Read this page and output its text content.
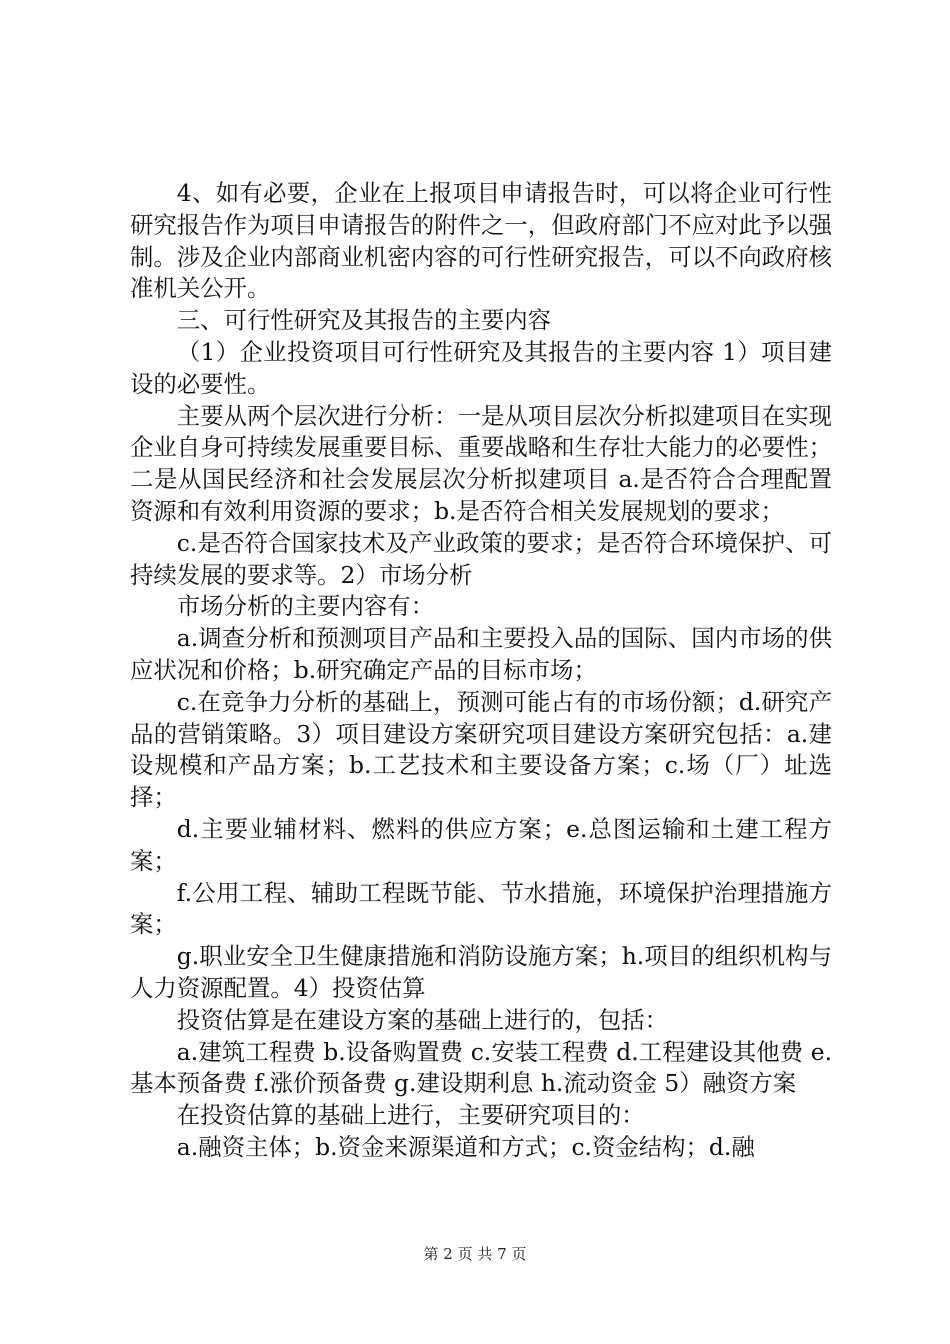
4、如有必要，企业在上报项目申请报告时，可以将企业可行性研究报告作为项目申请报告的附件之一，但政府部门不应对此予以强制。涉及企业内部商业机密内容的可行性研究报告，可以不向政府核准机关公开。

三、可行性研究及其报告的主要内容

（1）企业投资项目可行性研究及其报告的主要内容 1）项目建设的必要性。

主要从两个层次进行分析：一是从项目层次分析拟建项目在实现企业自身可持续发展重要目标、重要战略和生存壮大能力的必要性；二是从国民经济和社会发展层次分析拟建项目 a.是否符合合理配置资源和有效利用资源的要求；b.是否符合相关发展规划的要求；

c.是否符合国家技术及产业政策的要求；是否符合环境保护、可持续发展的要求等。2）市场分析

市场分析的主要内容有：

a.调查分析和预测项目产品和主要投入品的国际、国内市场的供应状况和价格；b.研究确定产品的目标市场；

c.在竞争力分析的基础上，预测可能占有的市场份额；d.研究产品的营销策略。3）项目建设方案研究项目建设方案研究包括：a.建设规模和产品方案；b.工艺技术和主要设备方案；c.场（厂）址选择；

d.主要业辅材料、燃料的供应方案；e.总图运输和土建工程方案；

f.公用工程、辅助工程既节能、节水措施，环境保护治理措施方案；

g.职业安全卫生健康措施和消防设施方案；h.项目的组织机构与人力资源配置。4）投资估算

投资估算是在建设方案的基础上进行的，包括：

a.建筑工程费 b.设备购置费 c.安装工程费 d.工程建设其他费 e.基本预备费 f.涨价预备费 g.建设期利息 h.流动资金 5）融资方案

在投资估算的基础上进行，主要研究项目的：

a.融资主体；b.资金来源渠道和方式；c.资金结构；d.融

第 2 页 共 7 页
